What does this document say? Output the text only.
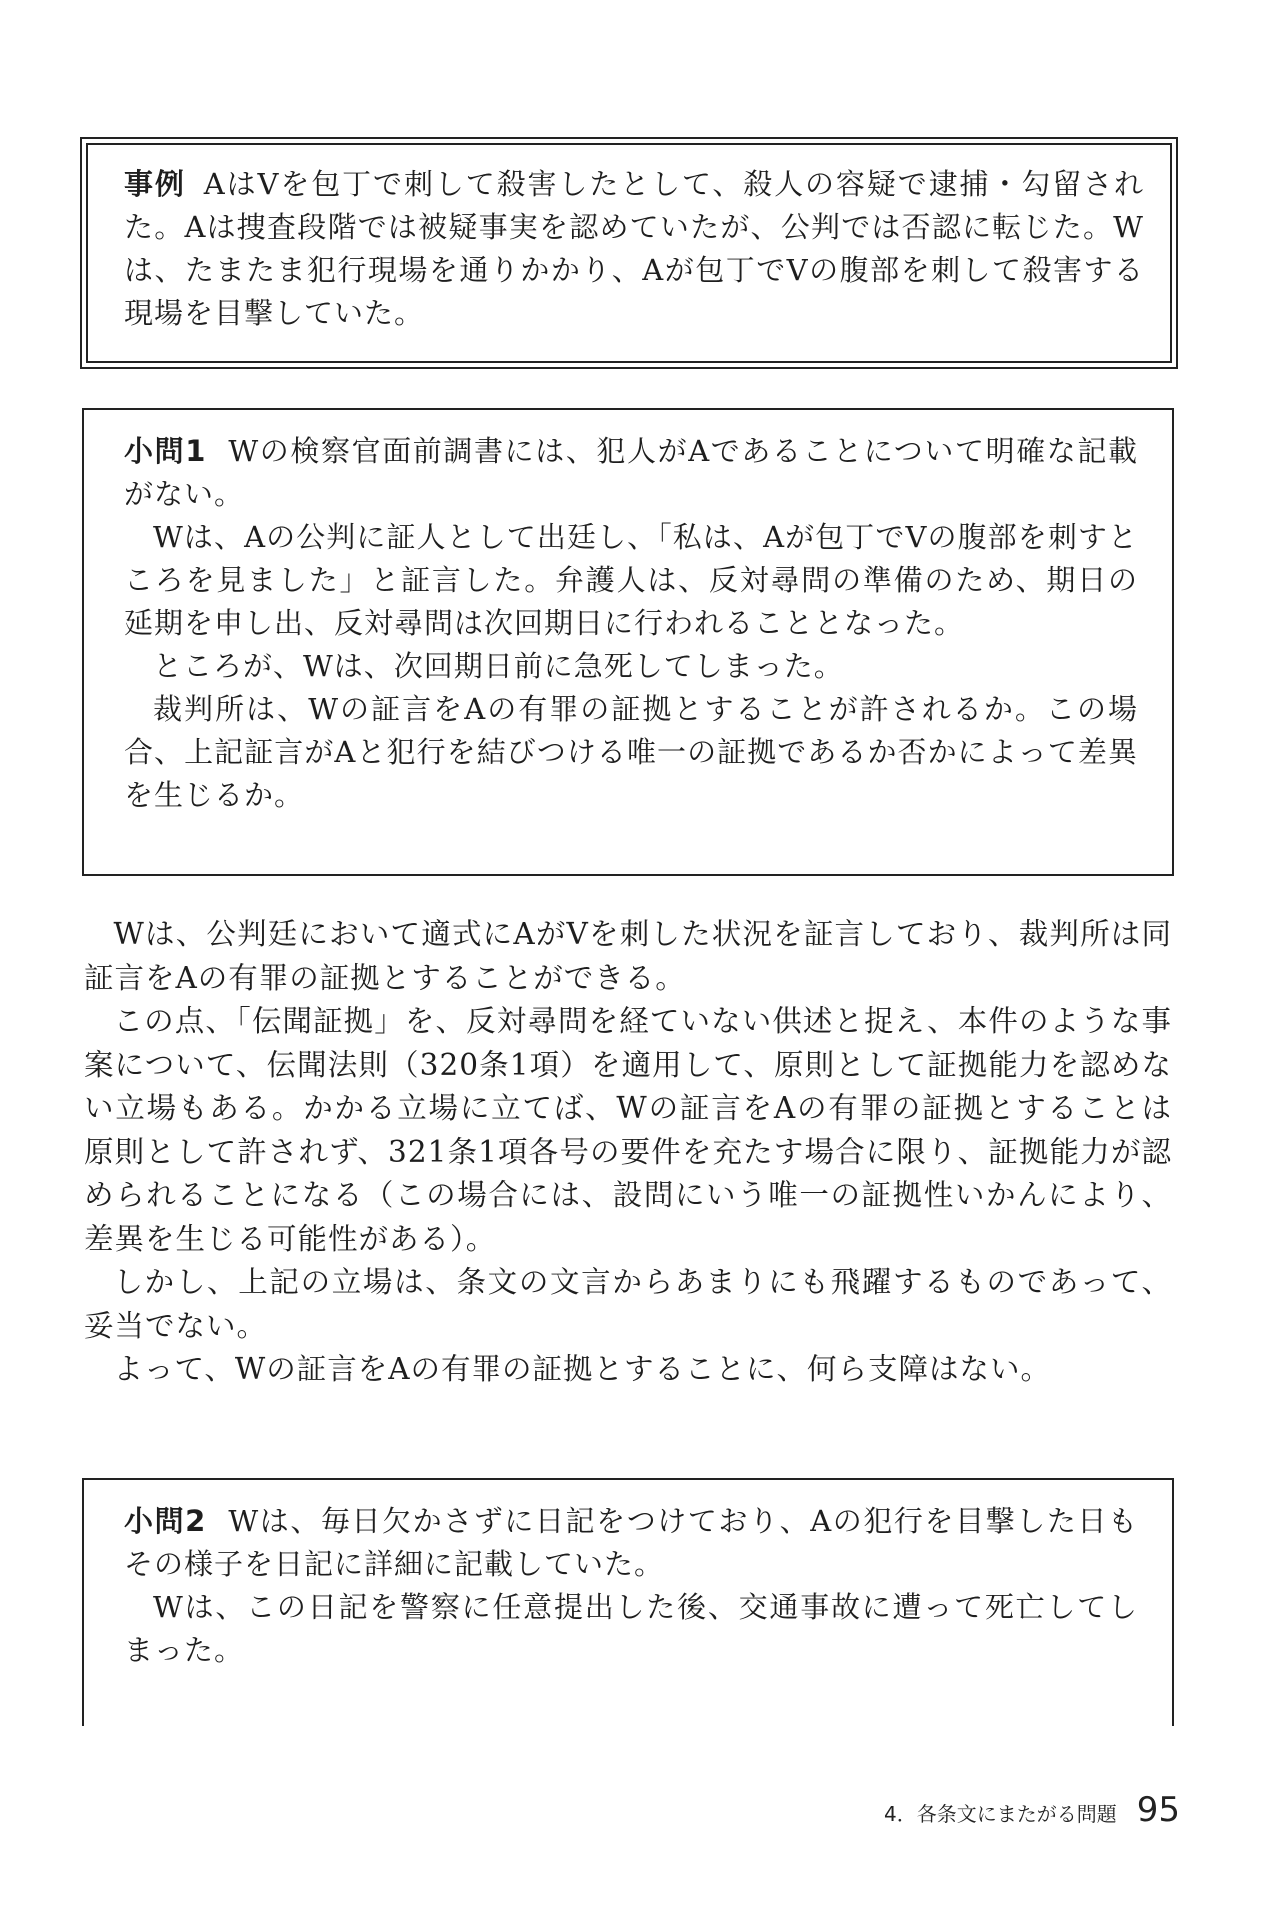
事例 AはVを包丁で刺して殺害したとして、殺人の容疑で逮捕・勾留された。Aは捜査段階では被疑事実を認めていたが、公判では否認に転じた。Wは、たまたま犯行現場を通りかかり、Aが包丁でVの腹部を刺して殺害する現場を目撃していた。

小問1 Wの検察官面前調書には、犯人がAであることについて明確な記載がない。

Wは、Aの公判に証人として出廷し、「私は、Aが包丁でVの腹部を刺すところを見ました」と証言した。弁護人は、反対尋問の準備のため、期日の延期を申し出、反対尋問は次回期日に行われることとなった。

ところが、Wは、次回期日前に急死してしまった。

裁判所は、Wの証言をAの有罪の証拠とすることが許されるか。この場合、上記証言がAと犯行を結びつける唯一の証拠であるか否かによって差異を生じるか。

Wは、公判廷において適式にAがVを刺した状況を証言しており、裁判所は同証言をAの有罪の証拠とすることができる。

この点、「伝聞証拠」を、反対尋問を経ていない供述と捉え、本件のような事案について、伝聞法則（320条1項）を適用して、原則として証拠能力を認めない立場もある。かかる立場に立てば、Wの証言をAの有罪の証拠とすることは原則として許されず、321条1項各号の要件を充たす場合に限り、証拠能力が認められることになる（この場合には、設問にいう唯一の証拠性いかんにより、差異を生じる可能性がある）。

しかし、上記の立場は、条文の文言からあまりにも飛躍するものであって、妥当でない。

よって、Wの証言をAの有罪の証拠とすることに、何ら支障はない。

小問2 Wは、毎日欠かさずに日記をつけており、Aの犯行を目撃した日もその様子を日記に詳細に記載していた。

Wは、この日記を警察に任意提出した後、交通事故に遭って死亡してしまった。

4．各条文にまたがる問題 95
